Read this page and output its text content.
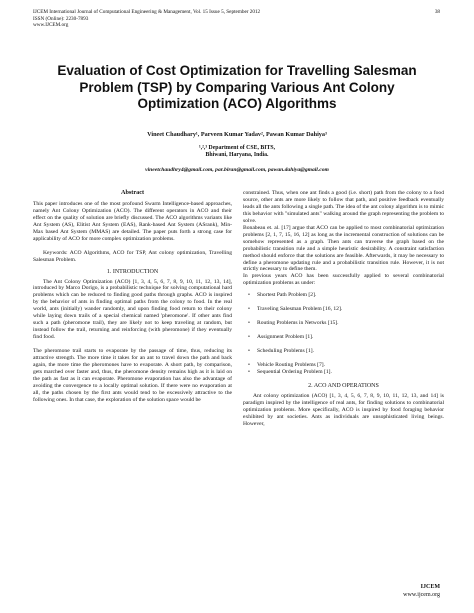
IJCEM International Journal of Computational Engineering & Management, Vol. 15 Issue 5, September 2012
ISSN (Online): 2230-7893
www.IJCEM.org
38
Evaluation of Cost Optimization for Travelling Salesman Problem (TSP) by Comparing Various Ant Colony Optimization (ACO) Algorithms
Vineet Chaudhary¹, Parveen Kumar Yadav², Pawan Kumar Dahiya³
¹,²,³ Department of CSE, BITS,
Bhiwani, Haryana, India.
vineetchaudhry4@gmail.com, par.biran@gmail.com, pawan.dahiya@gmail.com
Abstract

This paper introduces one of the most profound Swarm Intelligence-based approaches, namely Ant Colony Optimization (ACO). The different operators in ACO and their effect on the quality of solution are briefly discussed. The ACO algorithms variants like Ant System (AS), Elitist Ant System (EAS), Rank-based Ant System (ASrank), Min-Max based Ant System (MMAS) are detailed. The paper puts forth a strong case for applicability of ACO for more complex optimization problems.

Keywords: ACO Algorithms, ACO for TSP, Ant colony optimization, Travelling Salesman Problem.

1. INTRODUCTION

The Ant Colony Optimization (ACO) [1, 3, 4, 5, 6, 7, 8, 9, 10, 11, 12, 13, 14], introduced by Marco Dorigo, is a probabilistic technique for solving computational hard problems which can be reduced to finding good paths through graphs. ACO is inspired by the behavior of ants in finding optimal paths from the colony to food. In the real world, ants (initially) wander randomly, and upon finding food return to their colony while laying down trails of a special chemical named 'pheromone'. If other ants find such a path (pheromone trail), they are likely not to keep traveling at random, but instead follow the trail, returning and reinforcing (with pheromone) if they eventually find food.

The pheromone trail starts to evaporate by the passage of time, thus, reducing its attractive strength. The more time it takes for an ant to travel down the path and back again, the more time the pheromones have to evaporate. A short path, by comparison, gets marched over faster and, thus, the pheromone density remains high as it is laid on the path as fast as it can evaporate. Pheromone evaporation has also the advantage of avoiding the convergence to a locally optimal solution. If there were no evaporation at all, the paths chosen by the first ants would tend to be excessively attractive to the following ones. In that case, the exploration of the solution space would be

constrained. Thus, when one ant finds a good (i.e. short) path from the colony to a food source, other ants are more likely to follow that path, and positive feedback eventually leads all the ants following a single path. The idea of the ant colony algorithm is to mimic this behavior with "simulated ants" walking around the graph representing the problem to solve.

Bonabeau et. al. [17] argue that ACO can be applied to most combinatorial optimization problems [2, 1, 7, 15, 16, 12] as long as the incremental construction of solutions can be somehow represented as a graph. Then ants can traverse the graph based on the probabilistic transition rule and a simple heuristic desirability. A constraint satisfaction method should enforce that the solutions are feasible. Afterwards, it may be necessary to define a pheromone updating rule and a probabilistic transition rule. However, it is not strictly necessary to define them.

In previous years ACO has been successfully applied to several combinatorial optimization problems as under:

• Shortest Path Problem [2].
• Traveling Salesman Problem [16, 12].
• Routing Problems in Networks [15].
• Assignment Problem [1].
• Scheduling Problems [1].
• Vehicle Routing Problems [7].
• Sequential Ordering Problem [1].
2. ACO AND OPERATIONS

Ant colony optimization (ACO) [1, 3, 4, 5, 6, 7, 8, 9, 10, 11, 12, 13, and 14] is paradigm inspired by the intelligence of real ants, for finding solutions to combinatorial optimization problems. More specifically, ACO is inspired by food foraging behavior exhibited by ant societies. Ants as individuals are unsophisticated living beings. However,

IJCEM
www.ijcem.org
